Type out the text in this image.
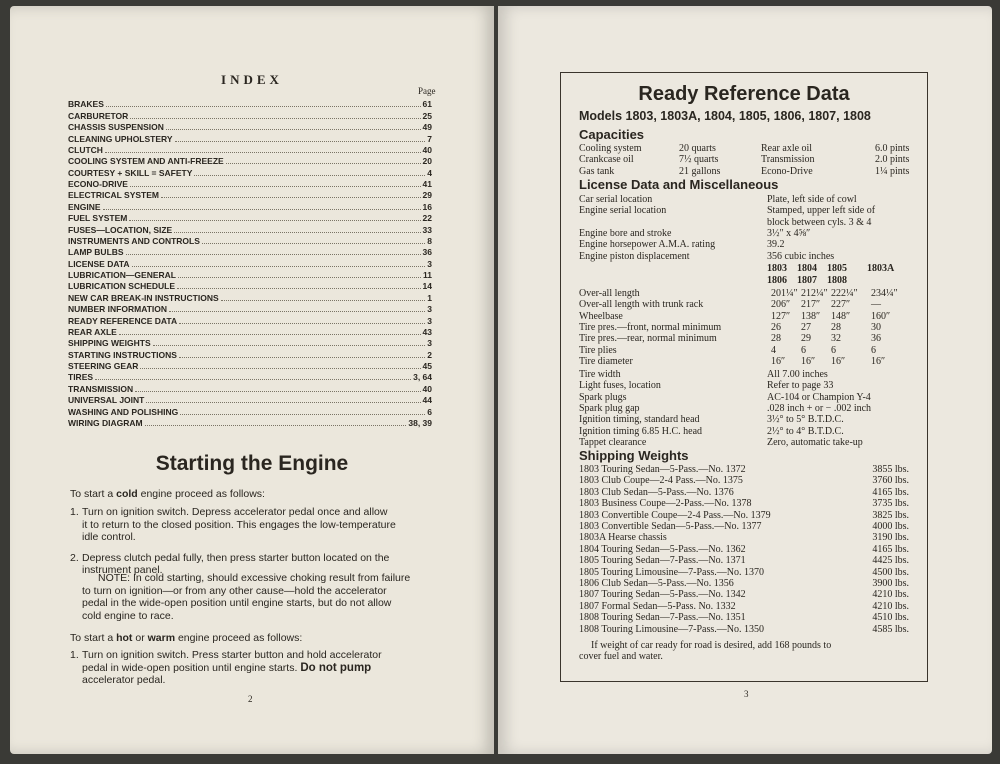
INDEX
Page
BRAKES	61
CARBURETOR	25
CHASSIS SUSPENSION	49
CLEANING UPHOLSTERY	7
CLUTCH	40
COOLING SYSTEM AND ANTI-FREEZE	20
COURTESY + SKILL = SAFETY	4
ECONO-DRIVE	41
ELECTRICAL SYSTEM	29
ENGINE	16
FUEL SYSTEM	22
FUSES—LOCATION, SIZE	33
INSTRUMENTS AND CONTROLS	8
LAMP BULBS	36
LICENSE DATA	3
LUBRICATION—GENERAL	11
LUBRICATION SCHEDULE	14
NEW CAR BREAK-IN INSTRUCTIONS	1
NUMBER INFORMATION	3
READY REFERENCE DATA	3
REAR AXLE	43
SHIPPING WEIGHTS	3
STARTING INSTRUCTIONS	2
STEERING GEAR	45
TIRES	3, 64
TRANSMISSION	40
UNIVERSAL JOINT	44
WASHING AND POLISHING	6
WIRING DIAGRAM	38, 39
Starting the Engine
To start a cold engine proceed as follows:
1. Turn on ignition switch. Depress accelerator pedal once and allow
it to return to the closed position. This engages the low-temperature
idle control.
2. Depress clutch pedal fully, then press starter button located on the
instrument panel.
NOTE: In cold starting, should excessive choking result from failure
to turn on ignition—or from any other cause—hold the accelerator
pedal in the wide-open position until engine starts, but do not allow
cold engine to race.
To start a hot or warm engine proceed as follows:
1. Turn on ignition switch. Press starter button and hold accelerator
pedal in wide-open position until engine starts. Do not pump
accelerator pedal.
2
Ready Reference Data
Models 1803, 1803A, 1804, 1805, 1806, 1807, 1808
Capacities
Cooling system	20 quarts	Rear axle oil	6.0 pints
Crankcase oil	7½ quarts	Transmission	2.0 pints
Gas tank	21 gallons	Econo-Drive	1¼ pints
License Data and Miscellaneous
Car serial location	Plate, left side of cowl
Engine serial location	Stamped, upper left side of
block between cyls. 3 & 4
Engine bore and stroke	3½″ x 4⅝″
Engine horsepower A.M.A. rating	39.2
Engine piston displacement	356 cubic inches
1803 1804 1805 1803A
1806 1807 1808
Over-all length	201¼″ 212¼″ 222¼″ 234¼″
Over-all length with trunk rack	206″ 217″ 227″ —
Wheelbase	127″ 138″ 148″ 160″
Tire pres.—front, normal minimum	26 27 28	30
Tire pres.—rear, normal minimum	28 29 32	36
Tire plies	4	6	6	6
Tire diameter	16″ 16″ 16″	16″
Tire width	All 7.00 inches
Light fuses, location	Refer to page 33
Spark plugs	AC-104 or Champion Y-4
Spark plug gap	.028 inch + or − .002 inch
Ignition timing, standard head	3½° to 5° B.T.D.C.
Ignition timing 6.85 H.C. head	2½° to 4° B.T.D.C.
Tappet clearance	Zero, automatic take-up
Shipping Weights
1803 Touring Sedan—5-Pass.—No. 1372	3855 lbs.
1803 Club Coupe—2-4 Pass.—No. 1375	3760 lbs.
1803 Club Sedan—5-Pass.—No. 1376	4165 lbs.
1803 Business Coupe—2-Pass.—No. 1378	3735 lbs.
1803 Convertible Coupe—2-4 Pass.—No. 1379	3825 lbs.
1803 Convertible Sedan—5-Pass.—No. 1377	4000 lbs.
1803A Hearse chassis	3190 lbs.
1804 Touring Sedan—5-Pass.—No. 1362	4165 lbs.
1805 Touring Sedan—7-Pass.—No. 1371	4425 lbs.
1805 Touring Limousine—7-Pass.—No. 1370	4500 lbs.
1806 Club Sedan—5-Pass.—No. 1356	3900 lbs.
1807 Touring Sedan—5-Pass.—No. 1342	4210 lbs.
1807 Formal Sedan—5-Pass. No. 1332	4210 lbs.
1808 Touring Sedan—7-Pass.—No. 1351	4510 lbs.
1808 Touring Limousine—7-Pass.—No. 1350	4585 lbs.
If weight of car ready for road is desired, add 168 pounds to
cover fuel and water.
3
